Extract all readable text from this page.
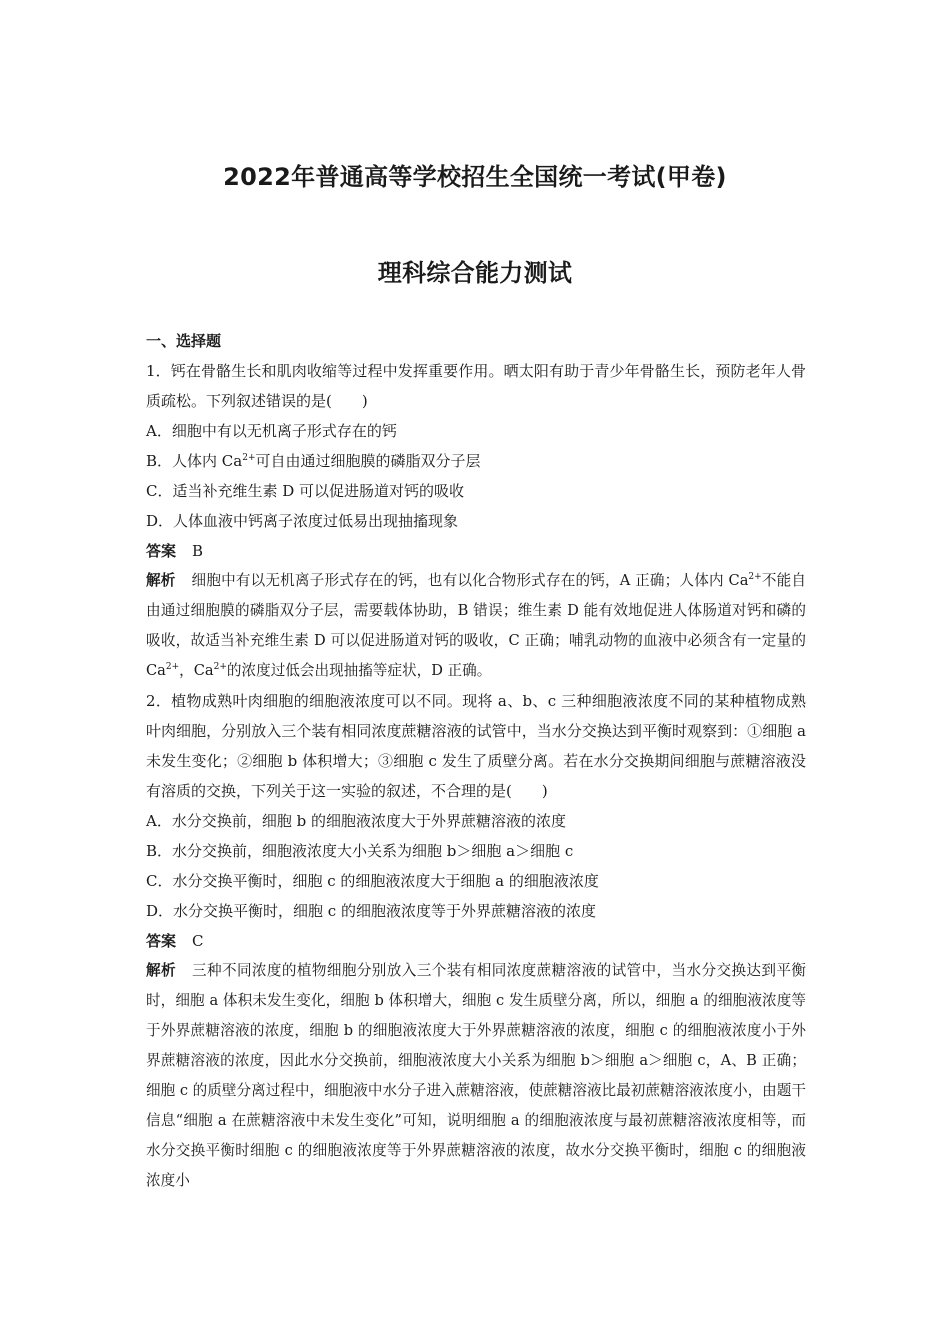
2022年普通高等学校招生全国统一考试(甲卷)
理科综合能力测试

一、选择题

1．钙在骨骼生长和肌肉收缩等过程中发挥重要作用。晒太阳有助于青少年骨骼生长，预防老年人骨质疏松。下列叙述错误的是(　　)

A．细胞中有以无机离子形式存在的钙

B．人体内 $Ca^{2+}$可自由通过细胞膜的磷脂双分子层

C．适当补充维生素 D 可以促进肠道对钙的吸收

D．人体血液中钙离子浓度过低易出现抽搐现象

答案 B

解析 细胞中有以无机离子形式存在的钙，也有以化合物形式存在的钙，A 正确；人体内 $Ca^{2+}$不能自由通过细胞膜的磷脂双分子层，需要载体协助，B 错误；维生素 D 能有效地促进人体肠道对钙和磷的吸收，故适当补充维生素 D 可以促进肠道对钙的吸收，C 正确；哺乳动物的血液中必须含有一定量的 $Ca^{2+}$，$Ca^{2+}$的浓度过低会出现抽搐等症状，D 正确。

2．植物成熟叶肉细胞的细胞液浓度可以不同。现将 a、b、c 三种细胞液浓度不同的某种植物成熟叶肉细胞，分别放入三个装有相同浓度蔗糖溶液的试管中，当水分交换达到平衡时观察到：①细胞 a 未发生变化；②细胞 b 体积增大；③细胞 c 发生了质壁分离。若在水分交换期间细胞与蔗糖溶液没有溶质的交换，下列关于这一实验的叙述，不合理的是(　　)

A．水分交换前，细胞 b 的细胞液浓度大于外界蔗糖溶液的浓度

B．水分交换前，细胞液浓度大小关系为细胞 b＞细胞 a＞细胞 c

C．水分交换平衡时，细胞 c 的细胞液浓度大于细胞 a 的细胞液浓度

D．水分交换平衡时，细胞 c 的细胞液浓度等于外界蔗糖溶液的浓度

答案 C

解析 三种不同浓度的植物细胞分别放入三个装有相同浓度蔗糖溶液的试管中，当水分交换达到平衡时，细胞 a 体积未发生变化，细胞 b 体积增大，细胞 c 发生质壁分离，所以，细胞 a 的细胞液浓度等于外界蔗糖溶液的浓度，细胞 b 的细胞液浓度大于外界蔗糖溶液的浓度，细胞 c 的细胞液浓度小于外界蔗糖溶液的浓度，因此水分交换前，细胞液浓度大小关系为细胞 b＞细胞 a＞细胞 c，A、B 正确；细胞 c 的质壁分离过程中，细胞液中水分子进入蔗糖溶液，使蔗糖溶液比最初蔗糖溶液浓度小，由题干信息“细胞 a 在蔗糖溶液中未发生变化”可知，说明细胞 a 的细胞液浓度与最初蔗糖溶液浓度相等，而水分交换平衡时细胞 c 的细胞液浓度等于外界蔗糖溶液的浓度，故水分交换平衡时，细胞 c 的细胞液浓度小
